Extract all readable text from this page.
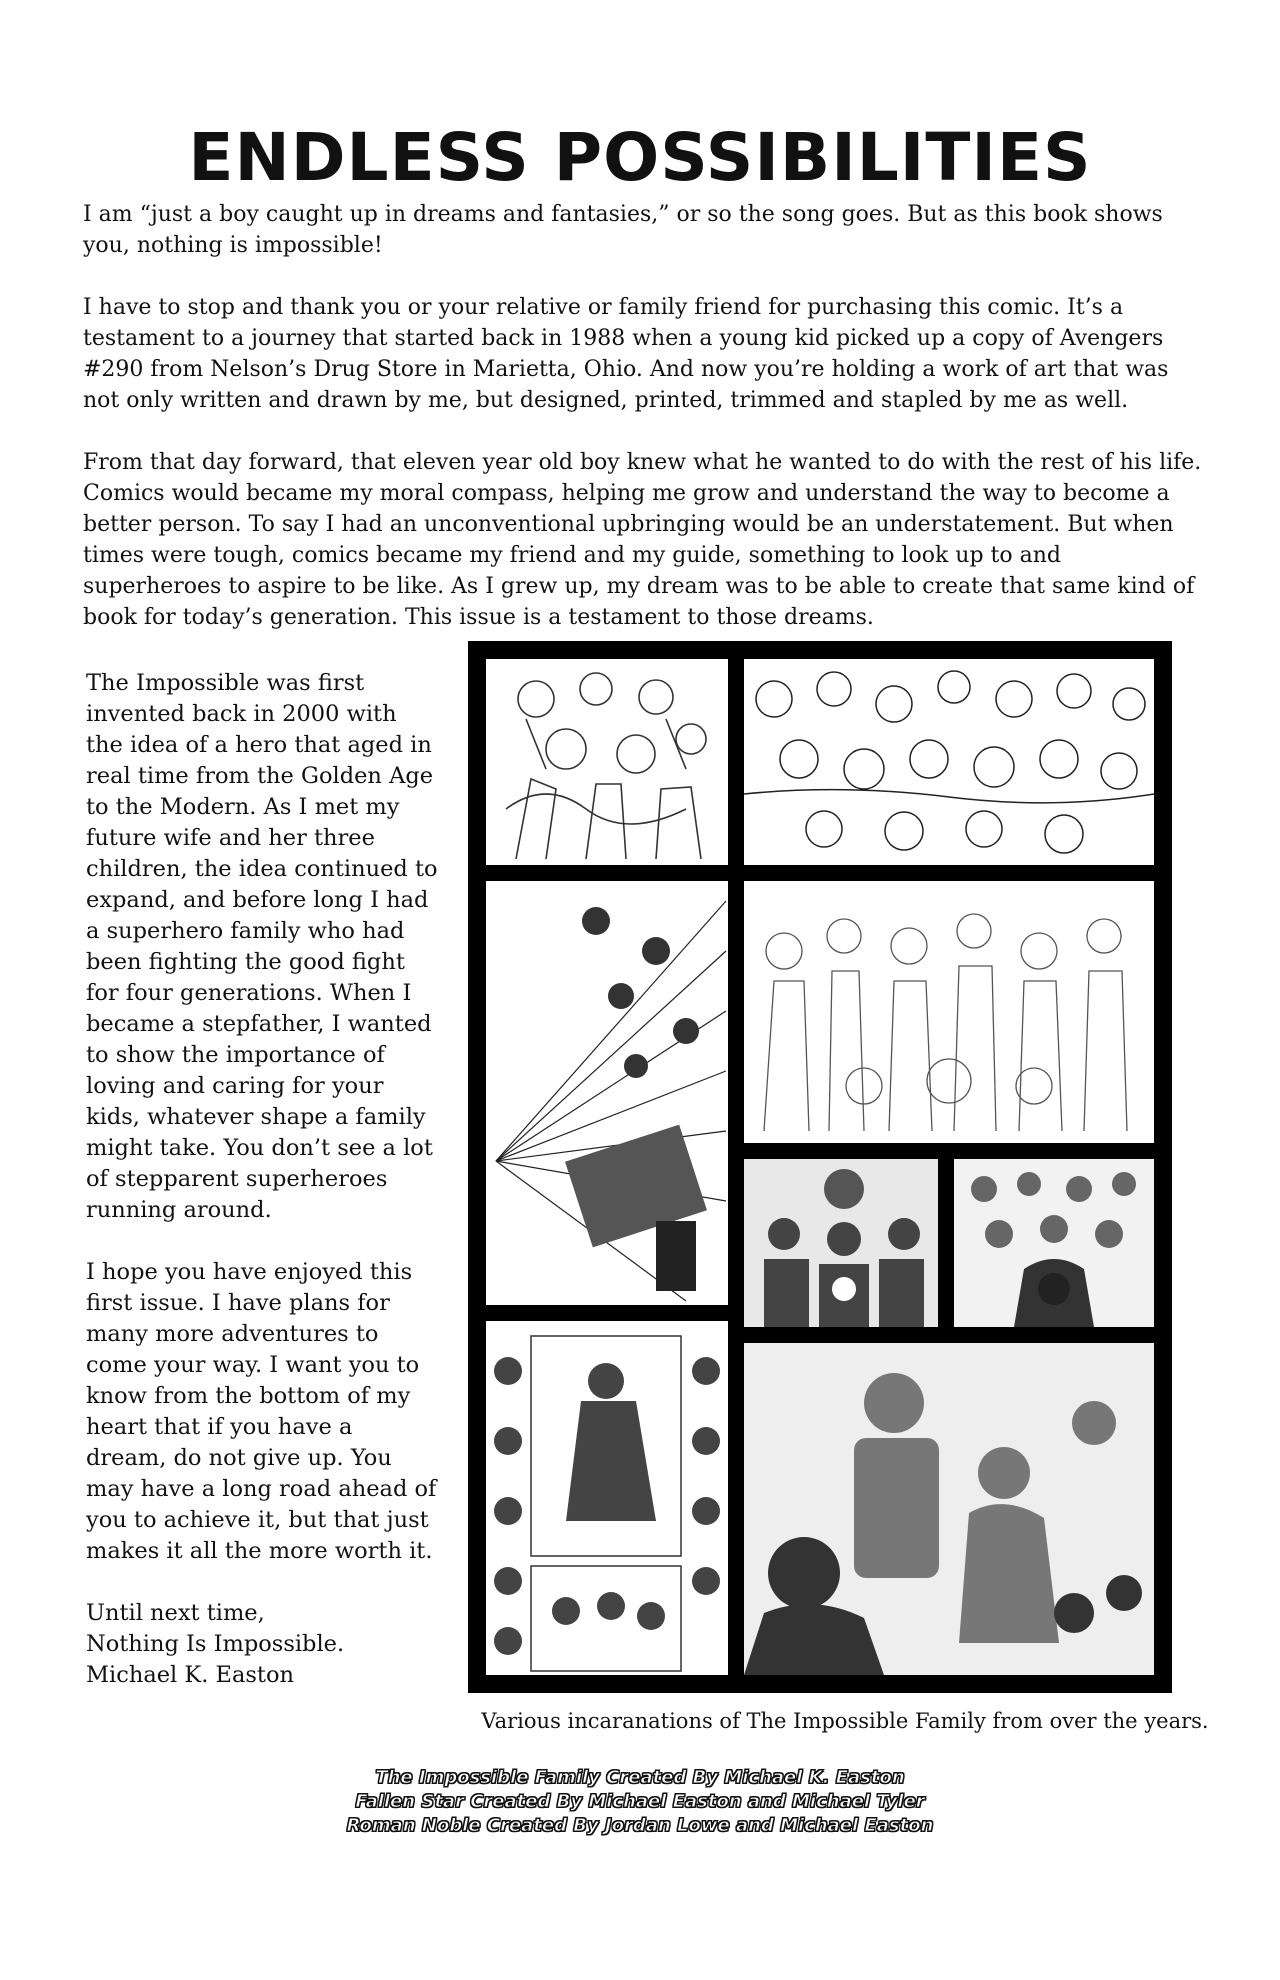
ENDLESS POSSIBILITIES

I am “just a boy caught up in dreams and fantasies,” or so the song goes. But as this book shows you, nothing is impossible!

I have to stop and thank you or your relative or family friend for purchasing this comic. It’s a testament to a journey that started back in 1988 when a young kid picked up a copy of Avengers #290 from Nelson’s Drug Store in Marietta, Ohio. And now you’re holding a work of art that was not only written and drawn by me, but designed, printed, trimmed and stapled by me as well.

From that day forward, that eleven year old boy knew what he wanted to do with the rest of his life. Comics would became my moral compass, helping me grow and understand the way to become a better person. To say I had an unconventional upbringing would be an understatement. But when times were tough, comics became my friend and my guide, something to look up to and superheroes to aspire to be like. As I grew up, my dream was to be able to create that same kind of book for today’s generation. This issue is a testament to those dreams.

The Impossible was first invented back in 2000 with the idea of a hero that aged in real time from the Golden Age to the Modern. As I met my future wife and her three children, the idea continued to expand, and before long I had a superhero family who had been fighting the good fight for four generations. When I became a stepfather, I wanted to show the importance of loving and caring for your kids, whatever shape a family might take. You don’t see a lot of stepparent superheroes running around.

I hope you have enjoyed this first issue. I have plans for many more adventures to come your way. I want you to know from the bottom of my heart that if you have a dream, do not give up. You may have a long road ahead of you to achieve it, but that just makes it all the more worth it.

Until next time,
Nothing Is Impossible.
Michael K. Easton

Various incaranations of The Impossible Family from over the years.
The Impossible Family Created By Michael K. Easton
Fallen Star Created By Michael Easton and Michael Tyler
Roman Noble Created By Jordan Lowe and Michael Easton
